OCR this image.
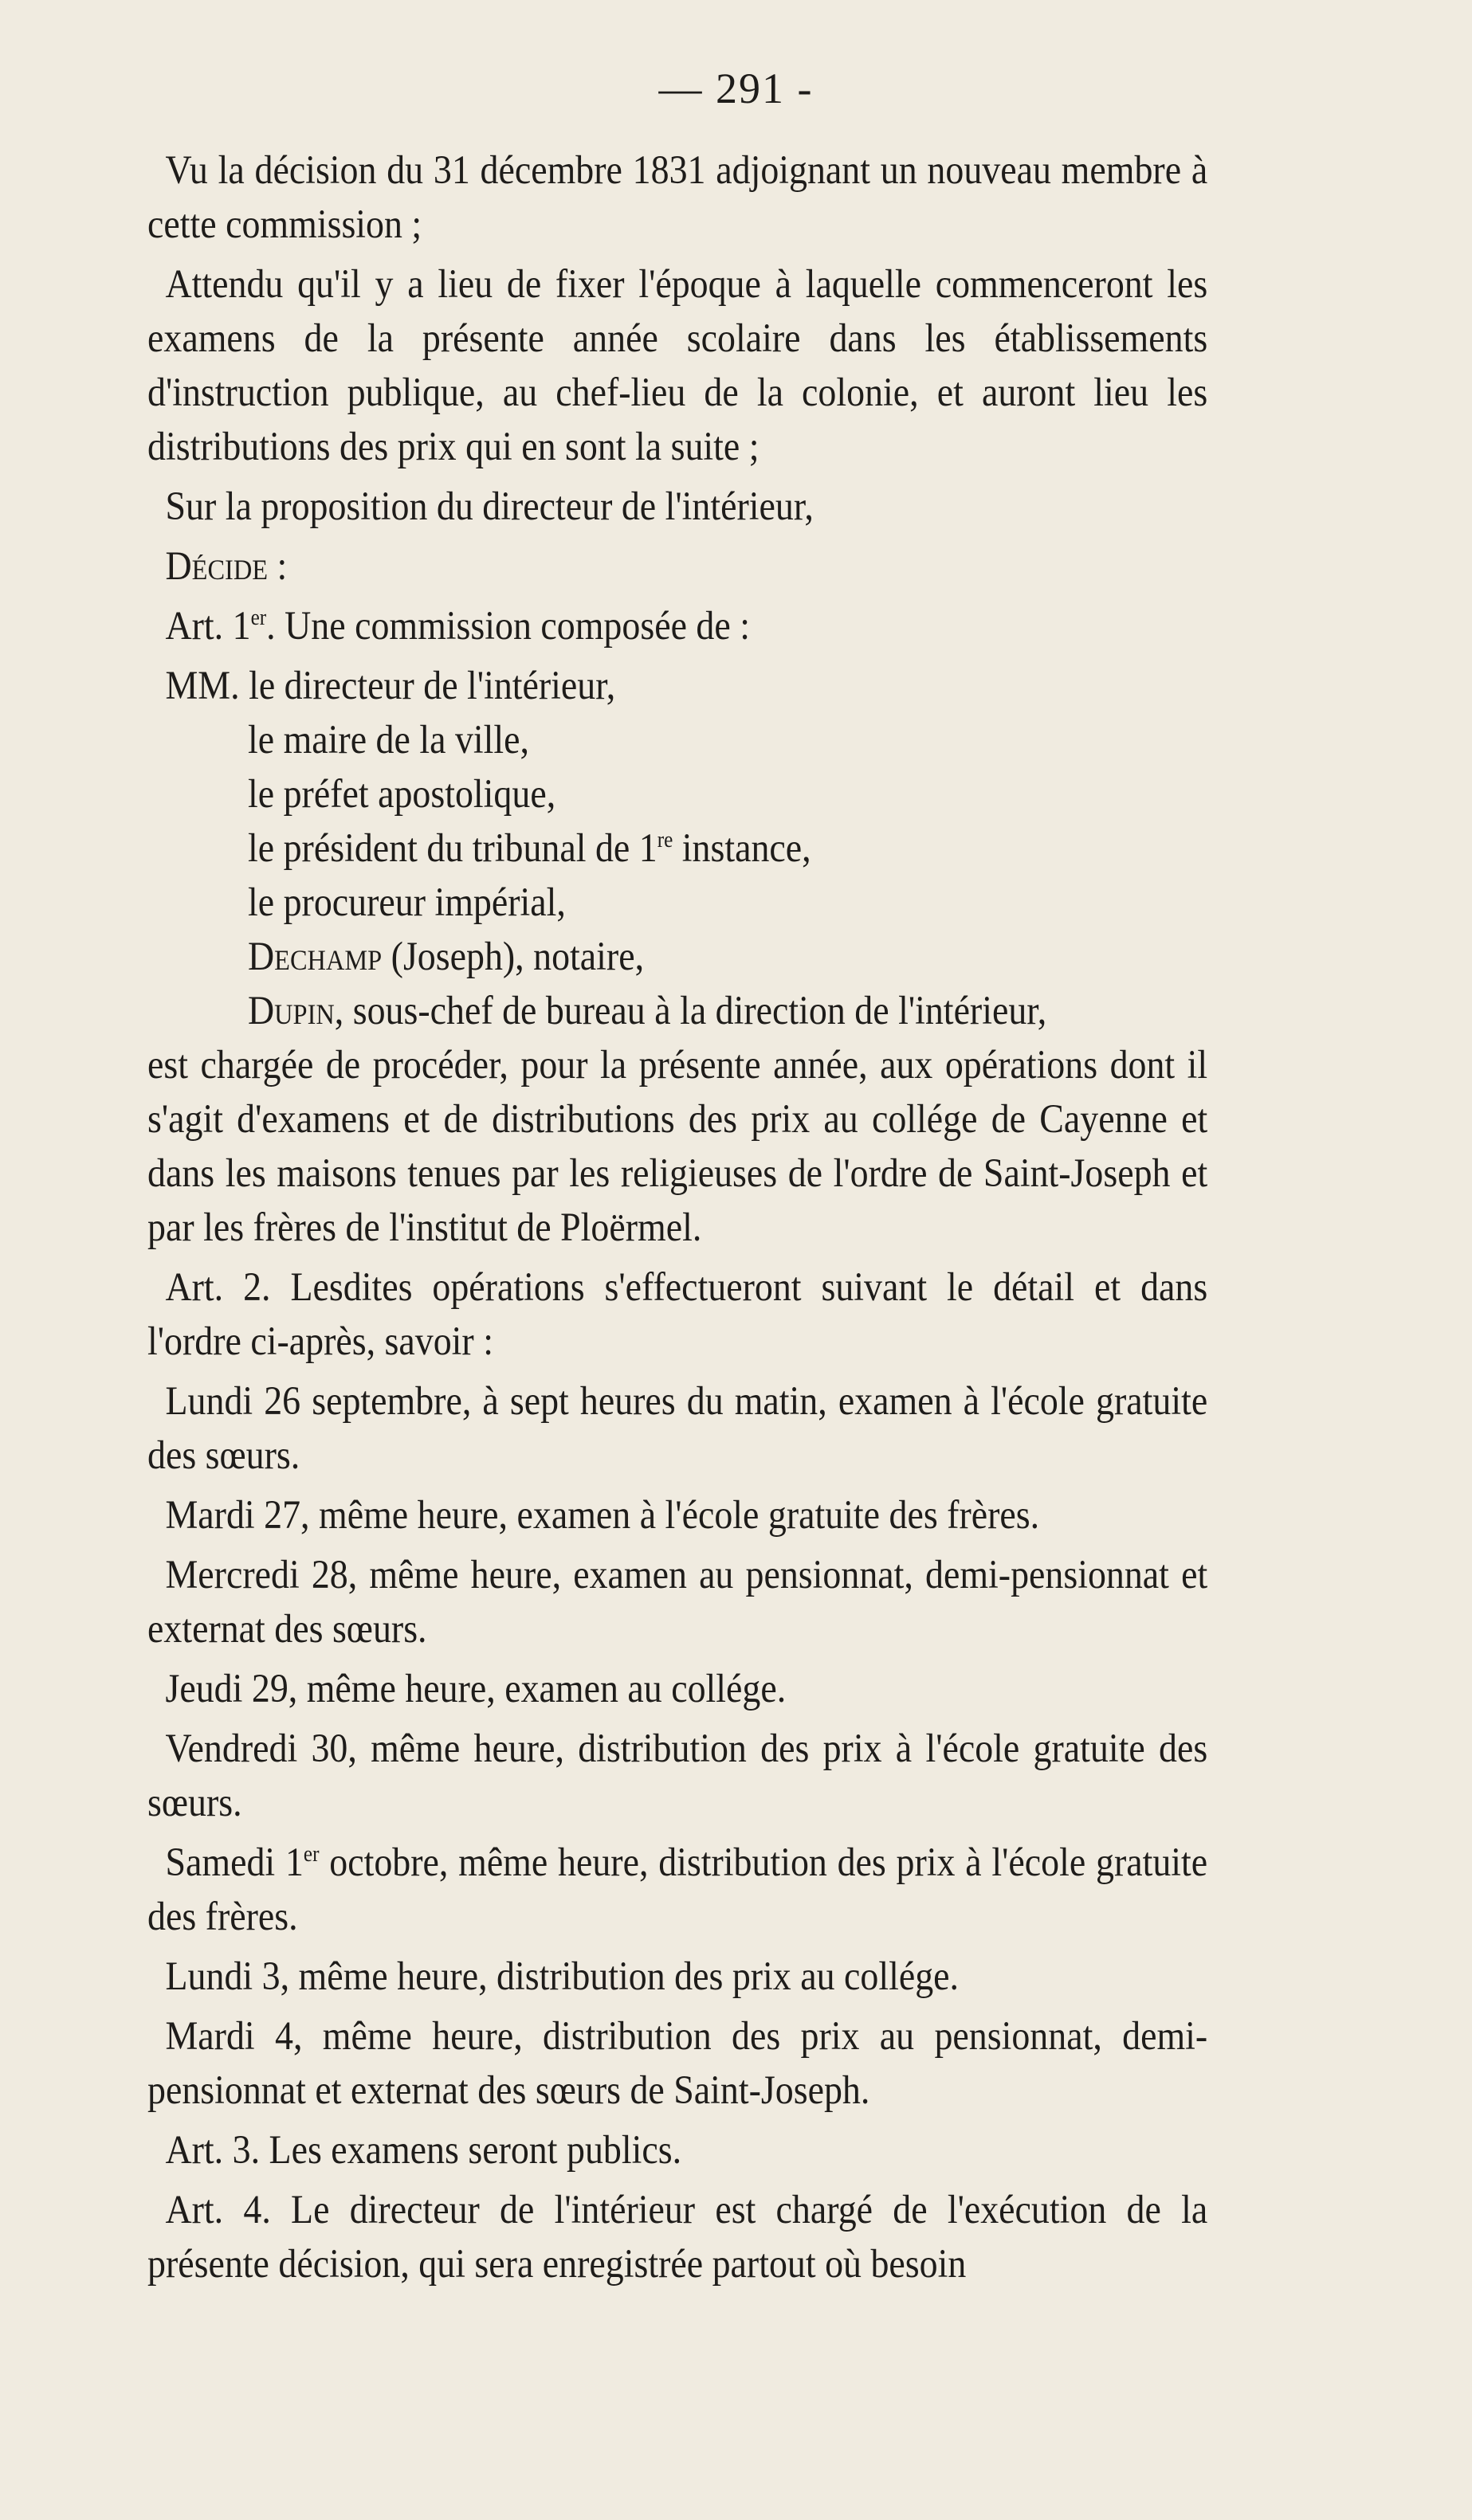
— 291 -

Vu la décision du 31 décembre 1831 adjoignant un nouveau membre à cette commission ;

Attendu qu'il y a lieu de fixer l'époque à laquelle commenceront les examens de la présente année scolaire dans les établissements d'instruction publique, au chef-lieu de la colonie, et auront lieu les distributions des prix qui en sont la suite ;

Sur la proposition du directeur de l'intérieur,

Décide :

Art. 1er. Une commission composée de :

MM. le directeur de l'intérieur,
le maire de la ville,
le préfet apostolique,
le président du tribunal de 1re instance,
le procureur impérial,
Dechamp (Joseph), notaire,
Dupin, sous-chef de bureau à la direction de l'intérieur,

est chargée de procéder, pour la présente année, aux opérations dont il s'agit d'examens et de distributions des prix au collége de Cayenne et dans les maisons tenues par les religieuses de l'ordre de Saint-Joseph et par les frères de l'institut de Ploërmel.

Art. 2. Lesdites opérations s'effectueront suivant le détail et dans l'ordre ci-après, savoir :

Lundi 26 septembre, à sept heures du matin, examen à l'école gratuite des sœurs.

Mardi 27, même heure, examen à l'école gratuite des frères.

Mercredi 28, même heure, examen au pensionnat, demi-pensionnat et externat des sœurs.

Jeudi 29, même heure, examen au collége.

Vendredi 30, même heure, distribution des prix à l'école gratuite des sœurs.

Samedi 1er octobre, même heure, distribution des prix à l'école gratuite des frères.

Lundi 3, même heure, distribution des prix au collége.

Mardi 4, même heure, distribution des prix au pensionnat, demi-pensionnat et externat des sœurs de Saint-Joseph.

Art. 3. Les examens seront publics.

Art. 4. Le directeur de l'intérieur est chargé de l'exécution de la présente décision, qui sera enregistrée partout où besoin
